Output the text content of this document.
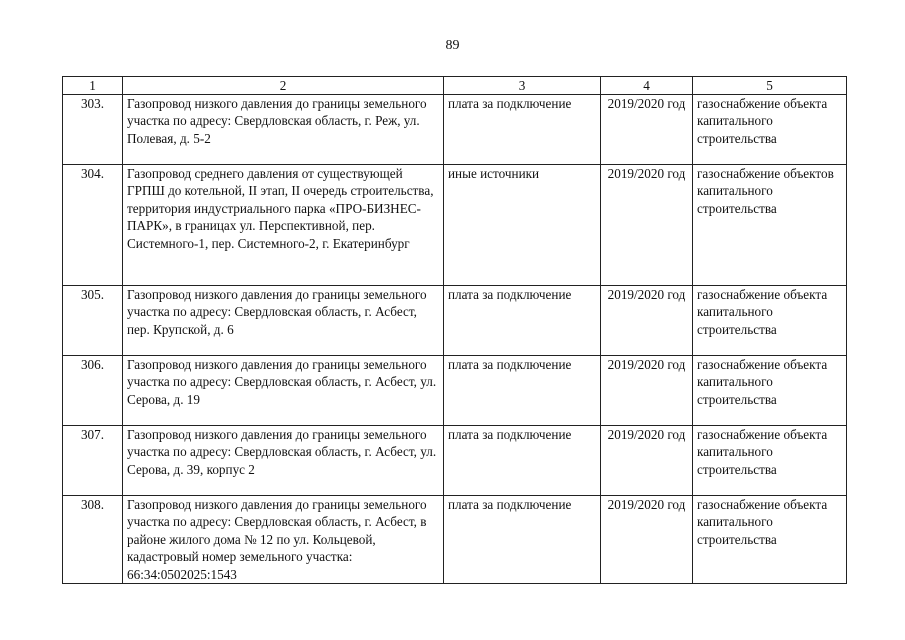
89
1	2	3	4	5
303.	Газопровод низкого давления до границы земельного участка по адресу: Свердловская область, г. Реж, ул. Полевая, д. 5-2	плата за подключение	2019/2020 год	газоснабжение объекта капитального строительства
304.	Газопровод среднего давления от существующей ГРПШ до котельной, II этап, II очередь строительства, территория индустриального парка «ПРО-БИЗНЕС-ПАРК», в границах ул. Перспективной, пер. Системного-1, пер. Системного-2, г. Екатеринбург	иные источники	2019/2020 год	газоснабжение объектов капитального строительства
305.	Газопровод низкого давления до границы земельного участка по адресу: Свердловская область, г. Асбест, пер. Крупской, д. 6	плата за подключение	2019/2020 год	газоснабжение объекта капитального строительства
306.	Газопровод низкого давления до границы земельного участка по адресу: Свердловская область, г. Асбест, ул. Серова, д. 19	плата за подключение	2019/2020 год	газоснабжение объекта капитального строительства
307.	Газопровод низкого давления до границы земельного участка по адресу: Свердловская область, г. Асбест, ул. Серова, д. 39, корпус 2	плата за подключение	2019/2020 год	газоснабжение объекта капитального строительства
308.	Газопровод низкого давления до границы земельного участка по адресу: Свердловская область, г. Асбест, в районе жилого дома № 12 по ул. Кольцевой, кадастровый номер земельного участка: 66:34:0502025:1543	плата за подключение	2019/2020 год	газоснабжение объекта капитального строительства
